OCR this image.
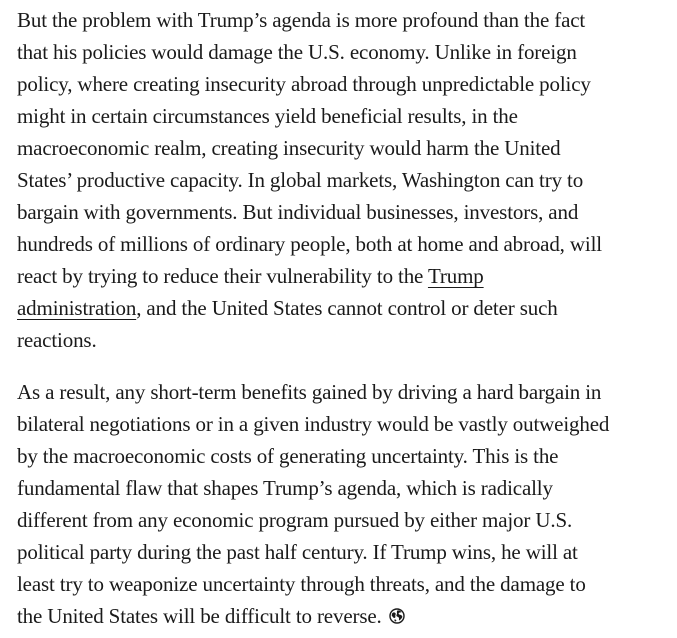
But the problem with Trump’s agenda is more profound than the fact
that his policies would damage the U.S. economy. Unlike in foreign
policy, where creating insecurity abroad through unpredictable policy
might in certain circumstances yield beneficial results, in the
macroeconomic realm, creating insecurity would harm the United
States’ productive capacity. In global markets, Washington can try to
bargain with governments. But individual businesses, investors, and
hundreds of millions of ordinary people, both at home and abroad, will
react by trying to reduce their vulnerability to the Trump
administration, and the United States cannot control or deter such
reactions.

As a result, any short-term benefits gained by driving a hard bargain in
bilateral negotiations or in a given industry would be vastly outweighed
by the macroeconomic costs of generating uncertainty. This is the
fundamental flaw that shapes Trump’s agenda, which is radically
different from any economic program pursued by either major U.S.
political party during the past half century. If Trump wins, he will at
least try to weaponize uncertainty through threats, and the damage to
the United States will be difficult to reverse.
